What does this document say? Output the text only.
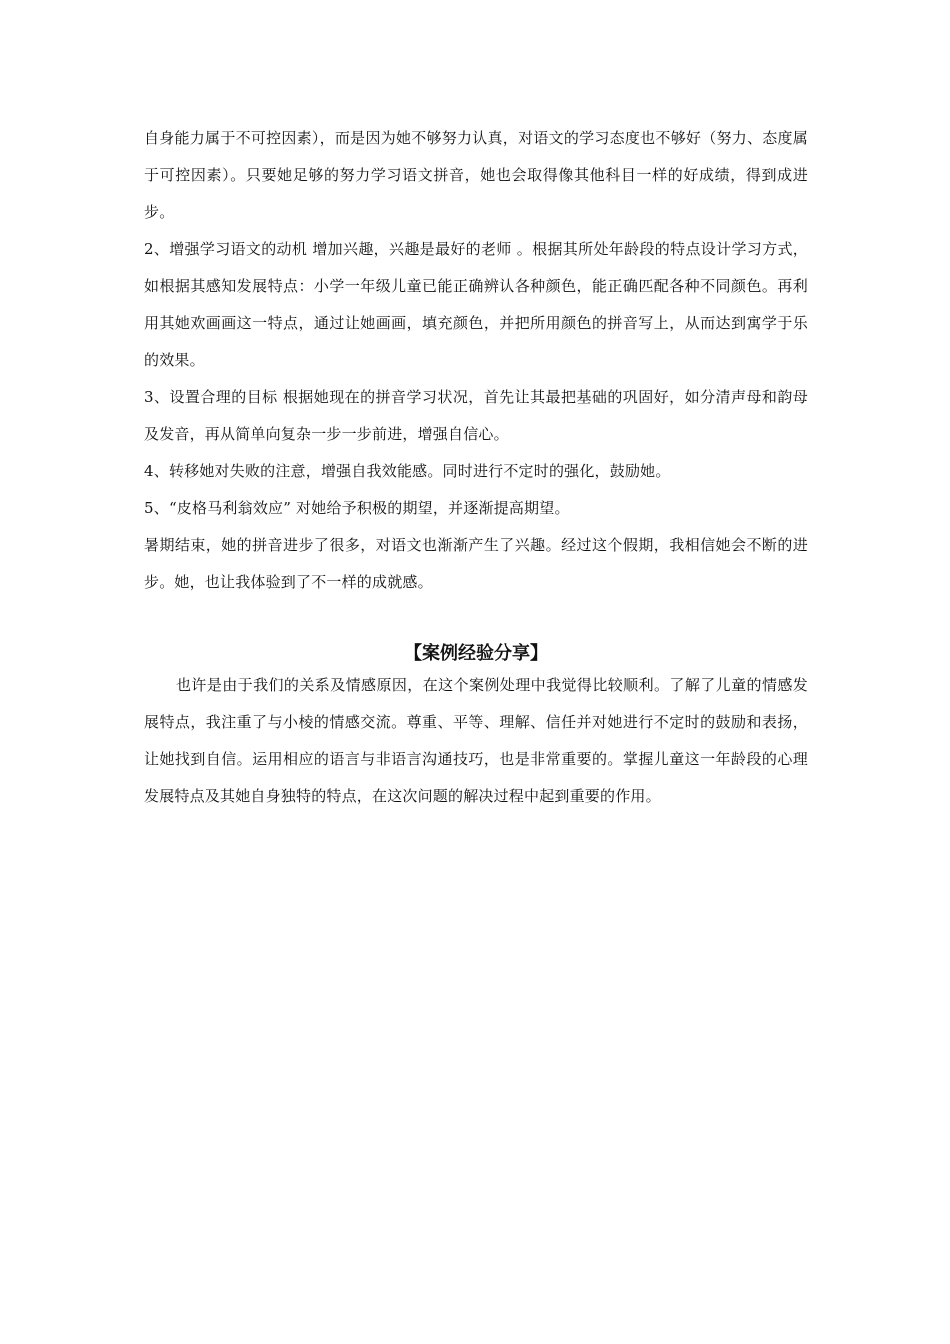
自身能力属于不可控因素），而是因为她不够努力认真，对语文的学习态度也不够好（努力、态度属于可控因素）。只要她足够的努力学习语文拼音，她也会取得像其他科目一样的好成绩，得到成进步。

2、增强学习语文的动机 增加兴趣，兴趣是最好的老师 。根据其所处年龄段的特点设计学习方式，如根据其感知发展特点：小学一年级儿童已能正确辨认各种颜色，能正确匹配各种不同颜色。再利用其她欢画画这一特点，通过让她画画，填充颜色，并把所用颜色的拼音写上，从而达到寓学于乐的效果。

3、设置合理的目标 根据她现在的拼音学习状况，首先让其最把基础的巩固好，如分清声母和韵母及发音，再从简单向复杂一步一步前进，增强自信心。

4、转移她对失败的注意，增强自我效能感。同时进行不定时的强化，鼓励她。

5、“皮格马利翁效应” 对她给予积极的期望，并逐渐提高期望。

暑期结束，她的拼音进步了很多，对语文也渐渐产生了兴趣。经过这个假期，我相信她会不断的进步。她，也让我体验到了不一样的成就感。

【案例经验分享】

也许是由于我们的关系及情感原因，在这个案例处理中我觉得比较顺利。了解了儿童的情感发展特点，我注重了与小棱的情感交流。尊重、平等、理解、信任并对她进行不定时的鼓励和表扬，让她找到自信。运用相应的语言与非语言沟通技巧，也是非常重要的。掌握儿童这一年龄段的心理发展特点及其她自身独特的特点，在这次问题的解决过程中起到重要的作用。
